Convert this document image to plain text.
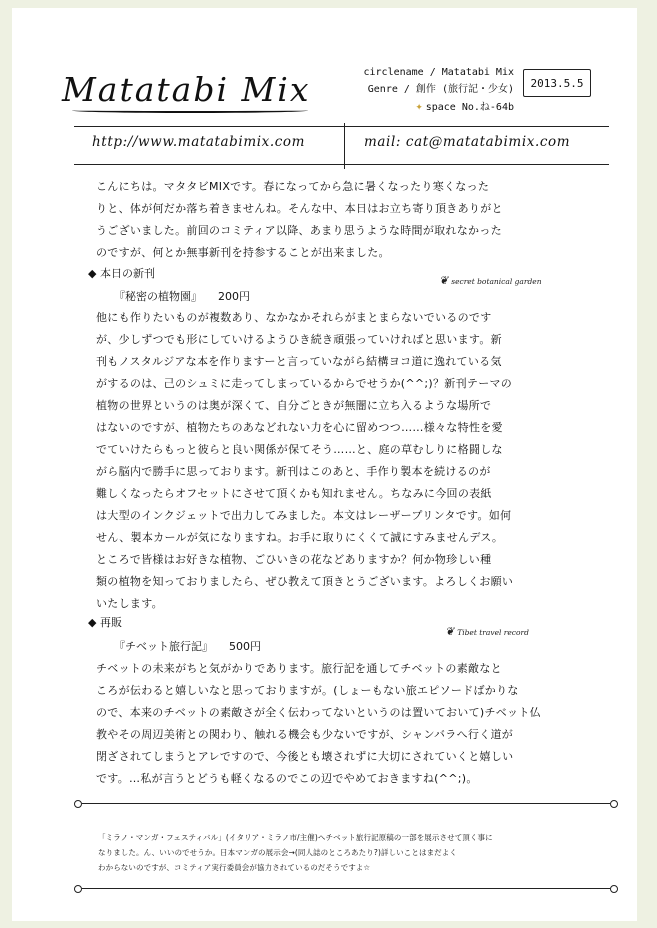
Matatabi Mix	circlename / Matatabi Mix
Genre / 創作 (旅行記・少女)
✦ space No.ね-64b
2013.5.5
http://www.matatabimix.com	mail: cat@matatabimix.com
こんにちは。マタタビMIXです。春になってから急に暑くなったり寒くなった
りと、体が何だか落ち着きませんね。そんな中、本日はお立ち寄り頂きありがと
うございました。前回のコミティア以降、あまり思うような時間が取れなかった
のですが、何とか無事新刊を持参することが出来ました。
◆ 本日の新刊
❦ secret botanical garden
『秘密の植物園』 200円
他にも作りたいものが複数あり、なかなかそれらがまとまらないでいるのです
が、少しずつでも形にしていけるようひき続き頑張っていければと思います。新
刊もノスタルジアな本を作りますーと言っていながら結構ヨコ道に逸れている気
がするのは、己のシュミに走ってしまっているからでせうか(^^;)？新刊テーマの
植物の世界というのは奥が深くて、自分ごときが無闇に立ち入るような場所で
はないのですが、植物たちのあなどれない力を心に留めつつ……様々な特性を愛
でていけたらもっと彼らと良い関係が保てそう……と、庭の草むしりに格闘しな
がら脳内で勝手に思っております。新刊はこのあと、手作り製本を続けるのが
難しくなったらオフセットにさせて頂くかも知れません。ちなみに今回の表紙
は大型のインクジェットで出力してみました。本文はレーザープリンタです。如何
せん、製本カールが気になりますね。お手に取りにくくて誠にすみませんデス。
ところで皆様はお好きな植物、ごひいきの花などありますか？何か物珍しい種
類の植物を知っておりましたら、ぜひ教えて頂きとうございます。よろしくお願い
いたします。
◆ 再販
❦ Tibet travel record
『チベット旅行記』 500円
チベットの未来がちと気がかりであります。旅行記を通してチベットの素敵なと
ころが伝わると嬉しいなと思っておりますが。(しょーもない旅エピソードばかりな
ので、本来のチベットの素敵さが全く伝わってないというのは置いておいて)チベット仏
教やその周辺美術との関わり、触れる機会も少ないですが、シャンバラへ行く道が
閉ざされてしまうとアレですので、今後とも壊されずに大切にされていくと嬉しい
です。…私が言うとどうも軽くなるのでこの辺でやめておきますね(^^;)。
「ミラノ・マンガ・フェスティバル」(イタリア・ミラノ市/主催)へチベット旅行記原稿の一部を展示させて頂く事に
なりました。ん、いいのでせうか。日本マンガの展示会→(同人誌のところあたり?)詳しいことはまだよく
わからないのですが、コミティア実行委員会が協力されているのだそうですよ☆
